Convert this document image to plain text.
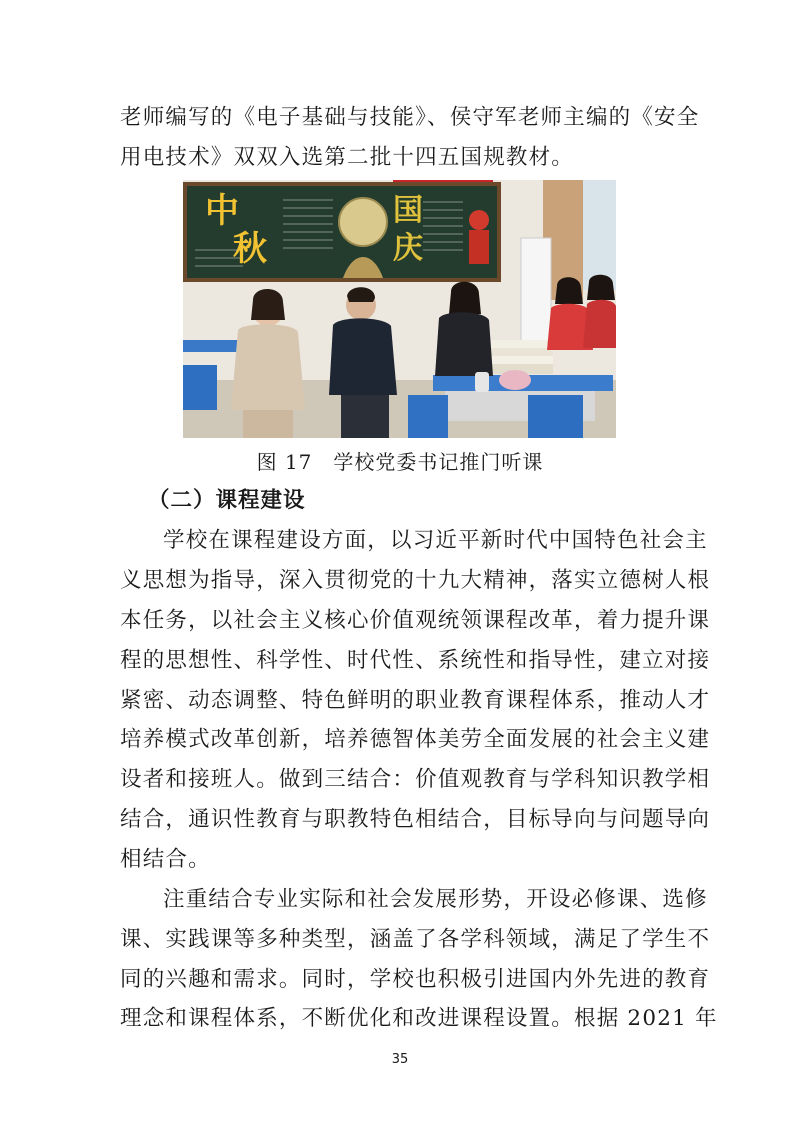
老师编写的《电子基础与技能》、侯守军老师主编的《安全
用电技术》双双入选第二批十四五国规教材。
中
秋
国
庆
图 17　学校党委书记推门听课
（二）课程建设
学校在课程建设方面，以习近平新时代中国特色社会主
义思想为指导，深入贯彻党的十九大精神，落实立德树人根
本任务，以社会主义核心价值观统领课程改革，着力提升课
程的思想性、科学性、时代性、系统性和指导性，建立对接
紧密、动态调整、特色鲜明的职业教育课程体系，推动人才
培养模式改革创新，培养德智体美劳全面发展的社会主义建
设者和接班人。做到三结合：价值观教育与学科知识教学相
结合，通识性教育与职教特色相结合，目标导向与问题导向
相结合。
注重结合专业实际和社会发展形势，开设必修课、选修
课、实践课等多种类型，涵盖了各学科领域，满足了学生不
同的兴趣和需求。同时，学校也积极引进国内外先进的教育
理念和课程体系，不断优化和改进课程设置。根据 2021 年
35
